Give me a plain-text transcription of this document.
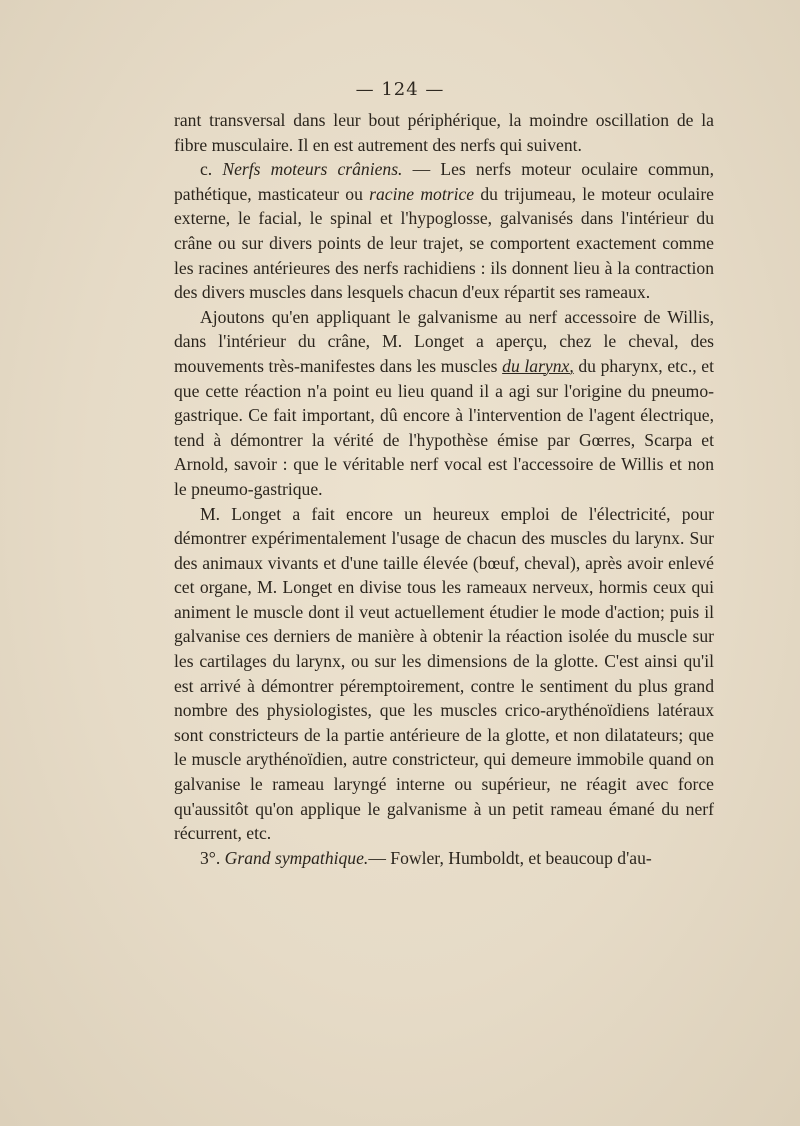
— 124 —

rant transversal dans leur bout périphérique, la moindre oscillation de la fibre musculaire. Il en est autrement des nerfs qui suivent.

c. Nerfs moteurs crâniens. — Les nerfs moteur oculaire commun, pathétique, masticateur ou racine motrice du trijumeau, le moteur oculaire externe, le facial, le spinal et l'hypoglosse, galvanisés dans l'intérieur du crâne ou sur divers points de leur trajet, se comportent exactement comme les racines antérieures des nerfs rachidiens : ils donnent lieu à la contraction des divers muscles dans lesquels chacun d'eux répartit ses rameaux.

Ajoutons qu'en appliquant le galvanisme au nerf accessoire de Willis, dans l'intérieur du crâne, M. Longet a aperçu, chez le cheval, des mouvements très-manifestes dans les muscles du larynx, du pharynx, etc., et que cette réaction n'a point eu lieu quand il a agi sur l'origine du pneumo-gastrique. Ce fait important, dû encore à l'intervention de l'agent électrique, tend à démontrer la vérité de l'hypothèse émise par Gœrres, Scarpa et Arnold, savoir : que le véritable nerf vocal est l'accessoire de Willis et non le pneumo-gastrique.

M. Longet a fait encore un heureux emploi de l'électricité, pour démontrer expérimentalement l'usage de chacun des muscles du larynx. Sur des animaux vivants et d'une taille élevée (bœuf, cheval), après avoir enlevé cet organe, M. Longet en divise tous les rameaux nerveux, hormis ceux qui animent le muscle dont il veut actuellement étudier le mode d'action; puis il galvanise ces derniers de manière à obtenir la réaction isolée du muscle sur les cartilages du larynx, ou sur les dimensions de la glotte. C'est ainsi qu'il est arrivé à démontrer péremptoirement, contre le sentiment du plus grand nombre des physiologistes, que les muscles crico-arythénoïdiens latéraux sont constricteurs de la partie antérieure de la glotte, et non dilatateurs; que le muscle arythénoïdien, autre constricteur, qui demeure immobile quand on galvanise le rameau laryngé interne ou supérieur, ne réagit avec force qu'aussitôt qu'on applique le galvanisme à un petit rameau émané du nerf récurrent, etc.

3°. Grand sympathique.— Fowler, Humboldt, et beaucoup d'au-
